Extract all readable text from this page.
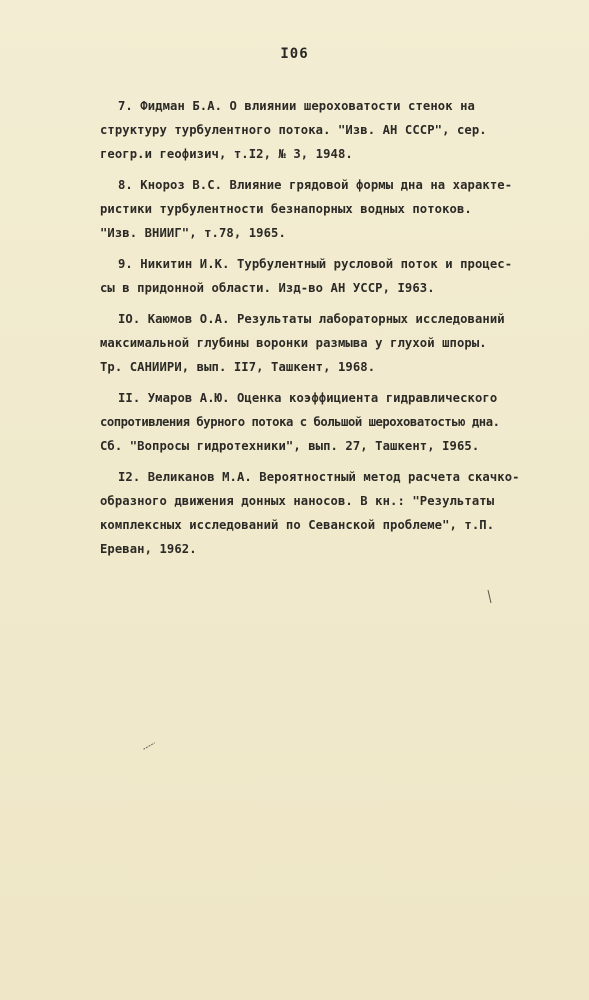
I06
7. Фидман Б.А. О влиянии шероховатости стенок на
структуру турбулентного потока. "Изв. АН СССР", сер.
геогр.и геофизич, т.I2, № 3, 1948.
8. Кнороз В.С. Влияние грядовой формы дна на характе-
ристики турбулентности безнапорных водных потоков.
"Изв. ВНИИГ", т.78, 1965.
9. Никитин И.К. Турбулентный русловой поток и процес-
сы в придонной области. Изд-во АН УССР, I963.
IO. Каюмов О.А. Результаты лабораторных исследований
максимальной глубины воронки размыва у глухой шпоры.
Тр. САНИИРИ, вып. II7, Ташкент, 1968.
II. Умаров А.Ю. Оценка коэффициента гидравлического
сопротивления бурного потока с большой шероховатостью дна.
Сб. "Вопросы гидротехники", вып. 27, Ташкент, I965.
I2. Великанов М.А. Вероятностный метод расчета скачко-
образного движения донных наносов. В кн.: "Результаты
комплексных исследований по Севанской проблеме", т.П.
Ереван, 1962.
